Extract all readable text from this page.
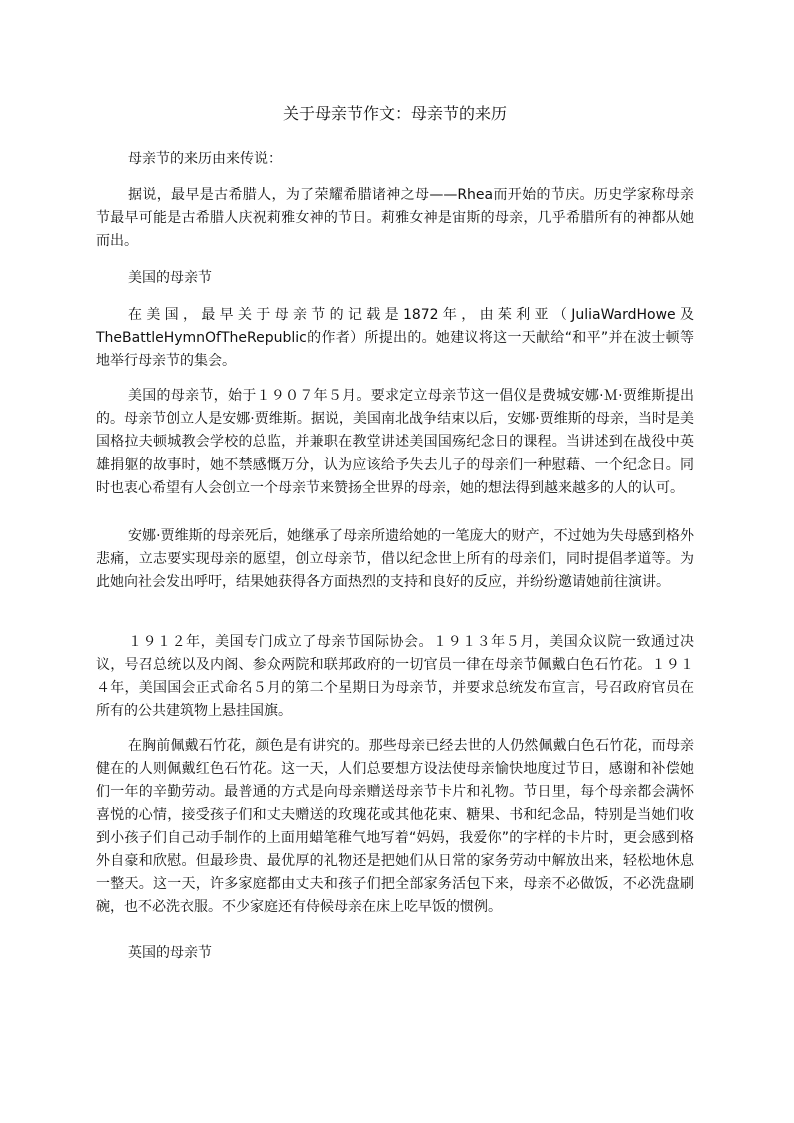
关于母亲节作文：母亲节的来历

母亲节的来历由来传说：

据说，最早是古希腊人，为了荣耀希腊诸神之母——Rhea而开始的节庆。历史学家称母亲节最早可能是古希腊人庆祝莉雅女神的节日。莉雅女神是宙斯的母亲，几乎希腊所有的神都从她而出。

美国的母亲节

在美国，最早关于母亲节的记载是1872年，由茱利亚（JuliaWardHowe及TheBattleHymnOfTheRepublic的作者）所提出的。她建议将这一天献给“和平”并在波士顿等地举行母亲节的集会。

美国的母亲节，始于１９０７年５月。要求定立母亲节这一倡仪是费城安娜·Ｍ·贾维斯提出的。母亲节创立人是安娜·贾维斯。据说，美国南北战争结束以后，安娜·贾维斯的母亲，当时是美国格拉夫顿城教会学校的总监，并兼职在教堂讲述美国国殇纪念日的课程。当讲述到在战役中英雄捐躯的故事时，她不禁感慨万分，认为应该给予失去儿子的母亲们一种慰藉、一个纪念日。同时也衷心希望有人会创立一个母亲节来赞扬全世界的母亲，她的想法得到越来越多的人的认可。

安娜·贾维斯的母亲死后，她继承了母亲所遗给她的一笔庞大的财产，不过她为失母感到格外悲痛，立志要实现母亲的愿望，创立母亲节，借以纪念世上所有的母亲们，同时提倡孝道等。为此她向社会发出呼吁，结果她获得各方面热烈的支持和良好的反应，并纷纷邀请她前往演讲。

１９１２年，美国专门成立了母亲节国际协会。１９１３年５月，美国众议院一致通过决议，号召总统以及内阁、参众两院和联邦政府的一切官员一律在母亲节佩戴白色石竹花。１９１４年，美国国会正式命名５月的第二个星期日为母亲节，并要求总统发布宣言，号召政府官员在所有的公共建筑物上悬挂国旗。

在胸前佩戴石竹花，颜色是有讲究的。那些母亲已经去世的人仍然佩戴白色石竹花，而母亲健在的人则佩戴红色石竹花。这一天，人们总要想方设法使母亲愉快地度过节日，感谢和补偿她们一年的辛勤劳动。最普通的方式是向母亲赠送母亲节卡片和礼物。节日里，每个母亲都会满怀喜悦的心情，接受孩子们和丈夫赠送的玫瑰花或其他花束、糖果、书和纪念品，特别是当她们收到小孩子们自己动手制作的上面用蜡笔稚气地写着“妈妈，我爱你”的字样的卡片时，更会感到格外自豪和欣慰。但最珍贵、最优厚的礼物还是把她们从日常的家务劳动中解放出来，轻松地休息一整天。这一天，许多家庭都由丈夫和孩子们把全部家务活包下来，母亲不必做饭，不必洗盘刷碗，也不必洗衣服。不少家庭还有侍候母亲在床上吃早饭的惯例。

英国的母亲节
